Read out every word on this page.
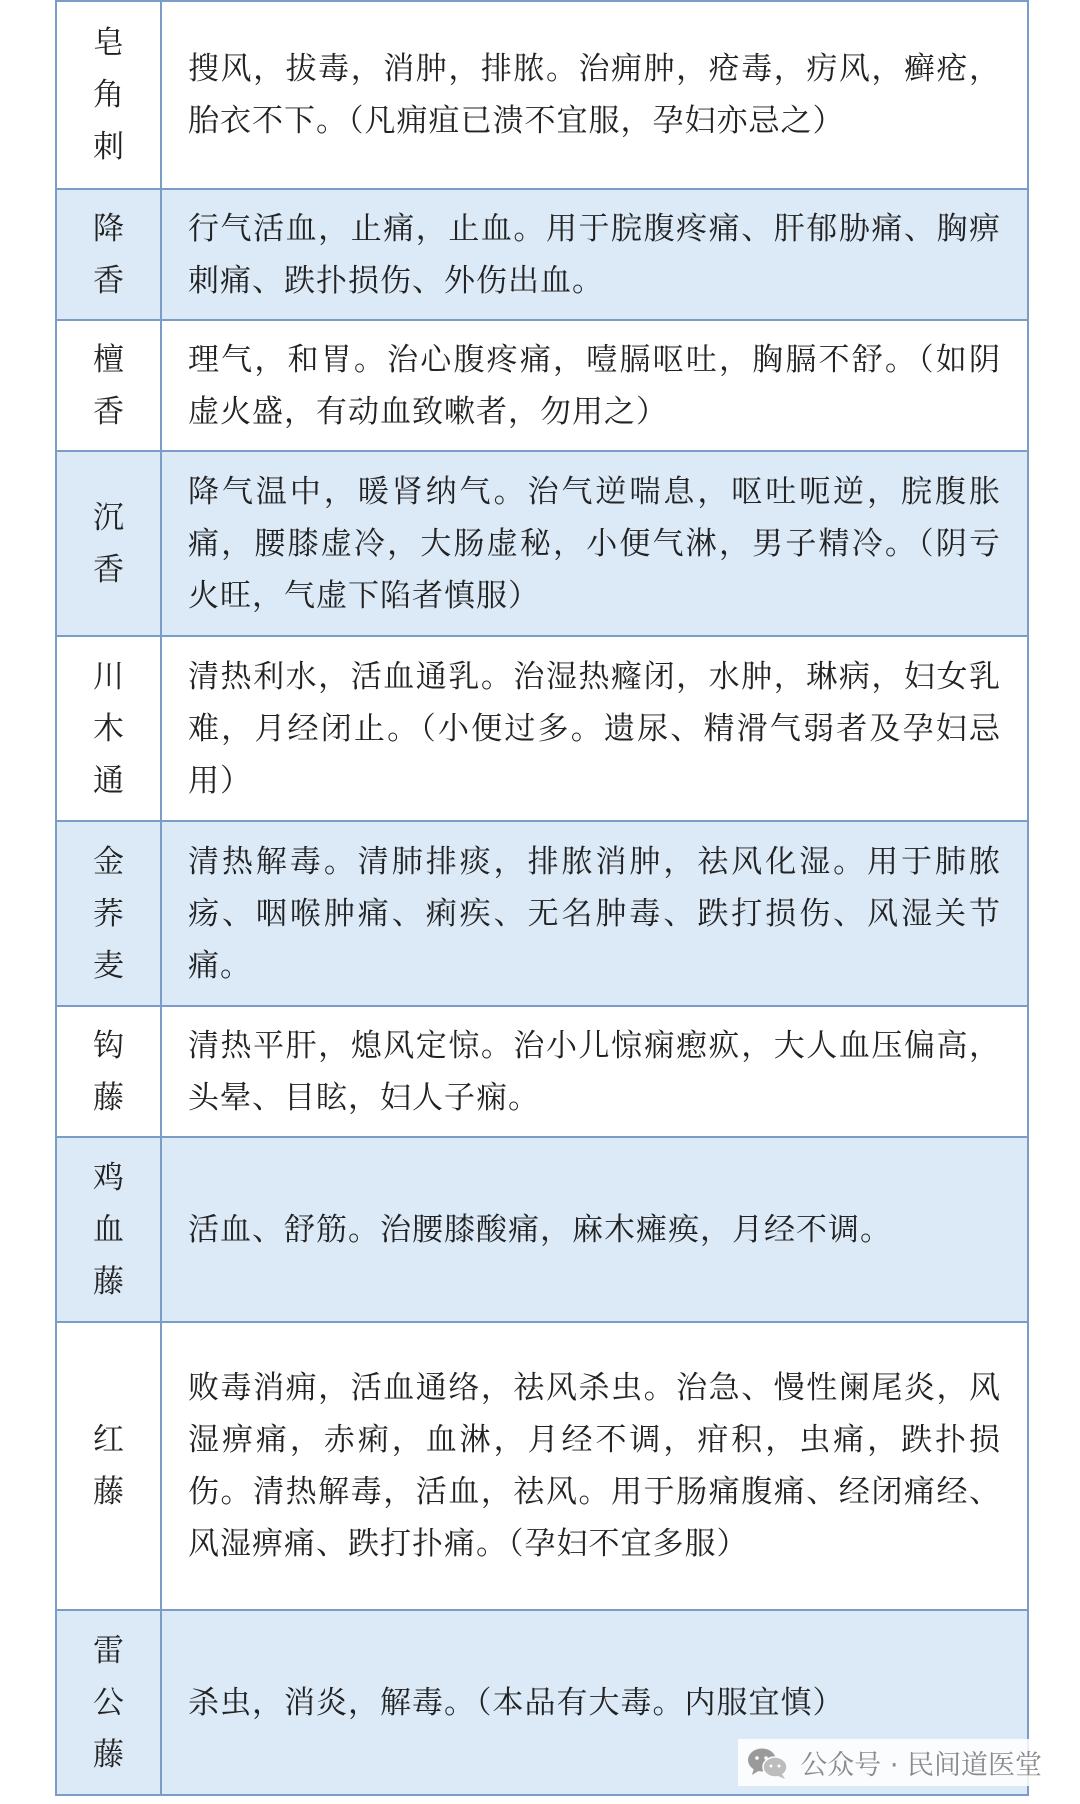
皂角刺	搜风，拔毒，消肿，排脓。治痈肿，疮毒，疠风，癣疮，胎衣不下。（凡痈疽已溃不宜服，孕妇亦忌之）

降香	行气活血，止痛，止血。用于脘腹疼痛、肝郁胁痛、胸痹刺痛、跌扑损伤、外伤出血。

檀香	理气，和胃。治心腹疼痛，噎膈呕吐，胸膈不舒。（如阴虚火盛，有动血致嗽者，勿用之）

沉香	降气温中，暖肾纳气。治气逆喘息，呕吐呃逆，脘腹胀痛，腰膝虚冷，大肠虚秘，小便气淋，男子精冷。（阴亏火旺，气虚下陷者慎服）

川木通	清热利水，活血通乳。治湿热癃闭，水肿，琳病，妇女乳难，月经闭止。（小便过多。遗尿、精滑气弱者及孕妇忌用）

金荞麦	清热解毒。清肺排痰，排脓消肿，祛风化湿。用于肺脓疡、咽喉肿痛、痢疾、无名肿毒、跌打损伤、风湿关节痛。

钩藤	清热平肝，熄风定惊。治小儿惊痫瘛疭，大人血压偏高，头晕、目眩，妇人子痫。

鸡血藤	活血、舒筋。治腰膝酸痛，麻木瘫痪，月经不调。

红藤	败毒消痈，活血通络，祛风杀虫。治急、慢性阑尾炎，风湿痹痛，赤痢，血淋，月经不调，疳积，虫痛，跌扑损伤。清热解毒，活血，祛风。用于肠痛腹痛、经闭痛经、风湿痹痛、跌打扑痛。（孕妇不宜多服）

雷公藤	杀虫，消炎，解毒。（本品有大毒。内服宜慎）
公众号 · 民间道医堂
